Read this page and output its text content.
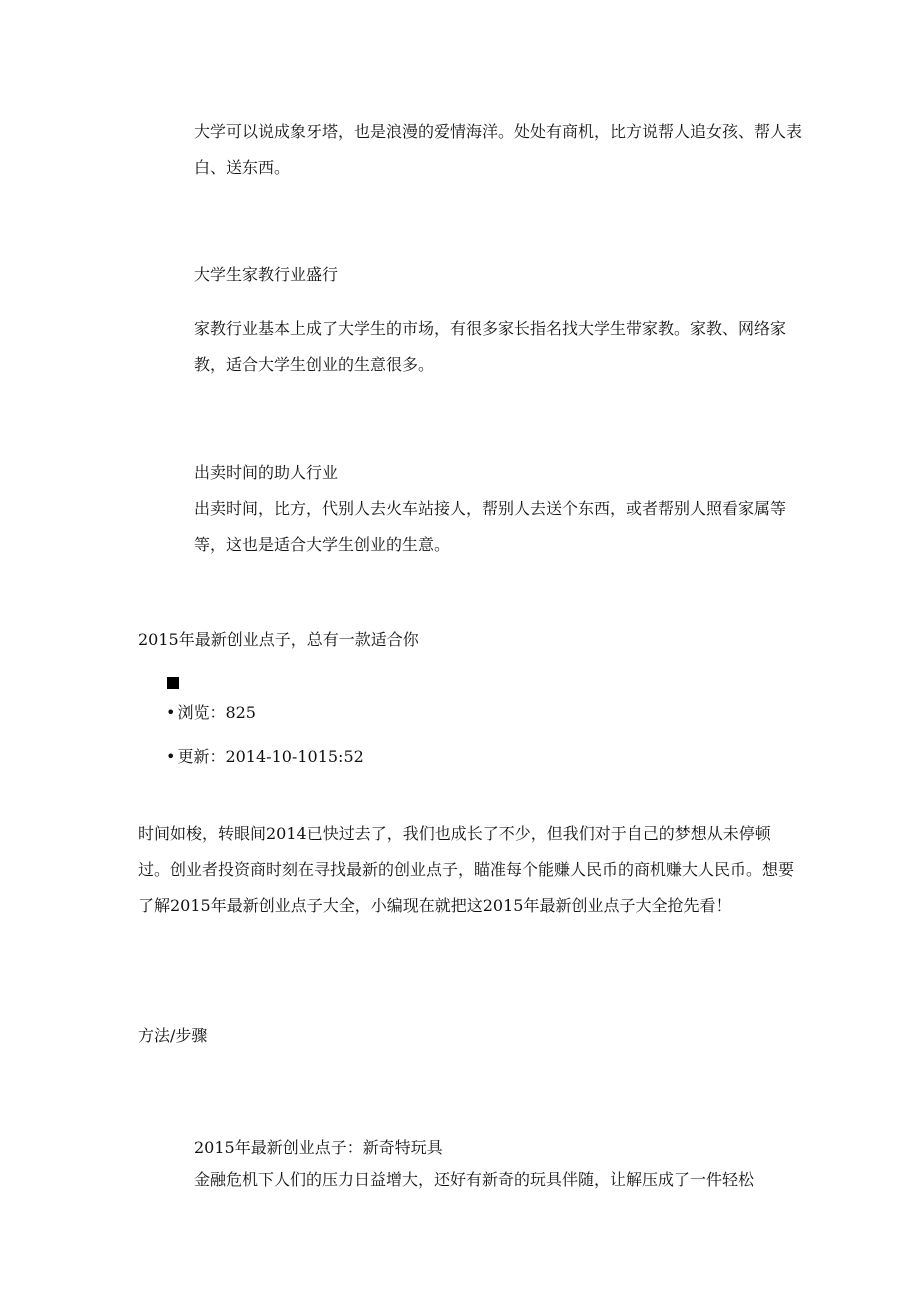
大学可以说成象牙塔，也是浪漫的爱情海洋。处处有商机，比方说帮人追女孩、帮人表白、送东西。

大学生家教行业盛行

家教行业基本上成了大学生的市场，有很多家长指名找大学生带家教。家教、网络家教，适合大学生创业的生意很多。

出卖时间的助人行业

出卖时间，比方，代别人去火车站接人，帮别人去送个东西，或者帮别人照看家属等等，这也是适合大学生创业的生意。

2015年最新创业点子，总有一款适合你

• 浏览：825
• 更新：2014-10-1015:52

时间如梭，转眼间2014已快过去了，我们也成长了不少，但我们对于自己的梦想从未停顿过。创业者投资商时刻在寻找最新的创业点子，瞄准每个能赚人民币的商机赚大人民币。想要了解2015年最新创业点子大全，小编现在就把这2015年最新创业点子大全抢先看！

方法/步骤

2015年最新创业点子：新奇特玩具

金融危机下人们的压力日益增大，还好有新奇的玩具伴随，让解压成了一件轻松
